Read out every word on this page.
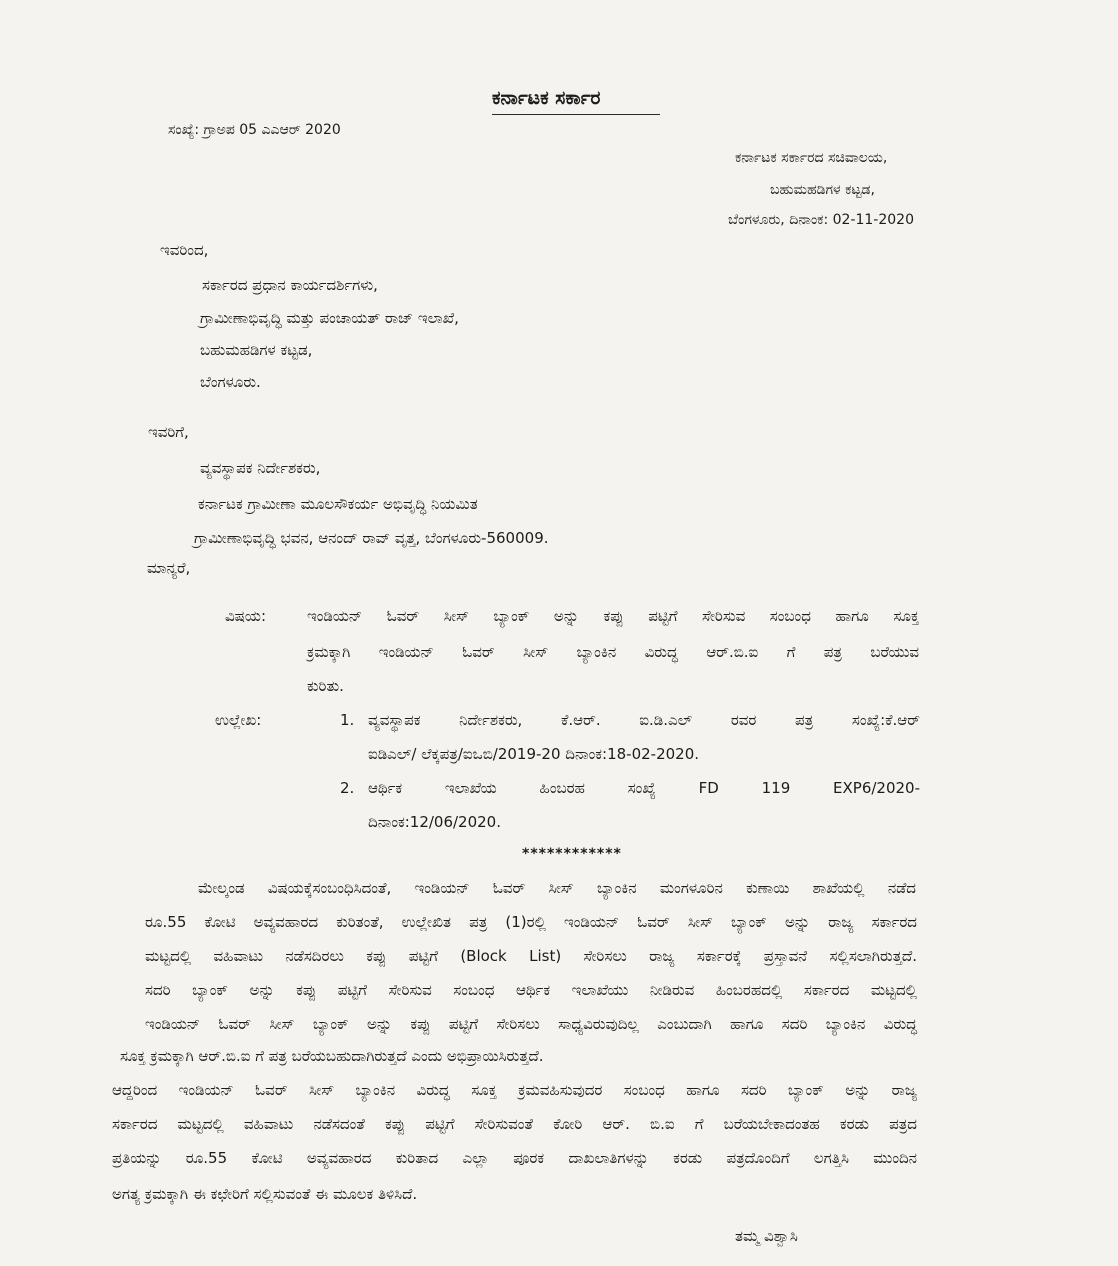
ಕರ್ನಾಟಕ ಸರ್ಕಾರ
ಸಂಖ್ಯೆ: ಗ್ರಾಅಪ 05 ಎಎಆರ್ 2020
ಕರ್ನಾಟಕ ಸರ್ಕಾರದ ಸಚಿವಾಲಯ,
ಬಹುಮಹಡಿಗಳ ಕಟ್ಟಡ,
ಬೆಂಗಳೂರು, ದಿನಾಂಕ: 02-11-2020
ಇವರಿಂದ,
ಸರ್ಕಾರದ ಪ್ರಧಾನ ಕಾರ್ಯದರ್ಶಿಗಳು,
ಗ್ರಾಮೀಣಾಭಿವೃದ್ಧಿ ಮತ್ತು ಪಂಚಾಯತ್ ರಾಜ್ ಇಲಾಖೆ,
ಬಹುಮಹಡಿಗಳ ಕಟ್ಟಡ,
ಬೆಂಗಳೂರು.
ಇವರಿಗೆ,
ವ್ಯವಸ್ಥಾಪಕ ನಿರ್ದೇಶಕರು,
ಕರ್ನಾಟಕ ಗ್ರಾಮೀಣಾ ಮೂಲಸೌಕರ್ಯ ಅಭಿವೃದ್ಧಿ ನಿಯಮಿತ
ಗ್ರಾಮೀಣಾಭಿವೃದ್ಧಿ ಭವನ, ಆನಂದ್ ರಾವ್ ವೃತ್ತ, ಬೆಂಗಳೂರು-560009.
ಮಾನ್ಯರೆ,
ವಿಷಯ:	ಇಂಡಿಯನ್ ಓವರ್ ಸೀಸ್ ಬ್ಯಾಂಕ್ ಅನ್ನು ಕಪ್ಪು ಪಟ್ಟಿಗೆ ಸೇರಿಸುವ ಸಂಬಂಧ ಹಾಗೂ ಸೂಕ್ತ
ಕ್ರಮಕ್ಕಾಗಿ ಇಂಡಿಯನ್ ಓವರ್ ಸೀಸ್ ಬ್ಯಾಂಕಿನ ವಿರುದ್ಧ ಆರ್.ಬಿ.ಐ ಗೆ ಪತ್ರ ಬರೆಯುವ
ಕುರಿತು.
ಉಲ್ಲೇಖ:	1. ವ್ಯವಸ್ಥಾಪಕ ನಿರ್ದೇಶಕರು, ಕೆ.ಆರ್. ಐ.ಡಿ.ಎಲ್ ರವರ ಪತ್ರ ಸಂಖ್ಯೆ:ಕೆ.ಆರ್
ಐಡಿಎಲ್/ ಲೆಕ್ಕಪತ್ರ/ಐಒಬಿ/2019-20 ದಿನಾಂಕ:18-02-2020.
2. ಆರ್ಥಿಕ ಇಲಾಖೆಯ ಹಿಂಬರಹ ಸಂಖ್ಯೆ FD 119 EXP6/2020-
ದಿನಾಂಕ:12/06/2020.
************
ಮೇಲ್ಕಂಡ ವಿಷಯಕ್ಕೆಸಂಬಂಧಿಸಿದಂತೆ, ಇಂಡಿಯನ್ ಓವರ್ ಸೀಸ್ ಬ್ಯಾಂಕಿನ ಮಂಗಳೂರಿನ ಕುಣಾಯಿ ಶಾಖೆಯಲ್ಲಿ ನಡೆದ
ರೂ.55 ಕೋಟಿ ಅವ್ಯವಹಾರದ ಕುರಿತಂತೆ, ಉಲ್ಲೇಖಿತ ಪತ್ರ (1)ರಲ್ಲಿ ಇಂಡಿಯನ್ ಓವರ್ ಸೀಸ್ ಬ್ಯಾಂಕ್ ಅನ್ನು ರಾಜ್ಯ ಸರ್ಕಾರದ
ಮಟ್ಟದಲ್ಲಿ ವಹಿವಾಟು ನಡೆಸದಿರಲು ಕಪ್ಪು ಪಟ್ಟಿಗೆ (Block List) ಸೇರಿಸಲು ರಾಜ್ಯ ಸರ್ಕಾರಕ್ಕೆ ಪ್ರಸ್ತಾವನೆ ಸಲ್ಲಿಸಲಾಗಿರುತ್ತದೆ.
ಸದರಿ ಬ್ಯಾಂಕ್ ಅನ್ನು ಕಪ್ಪು ಪಟ್ಟಿಗೆ ಸೇರಿಸುವ ಸಂಬಂಧ ಆರ್ಥಿಕ ಇಲಾಖೆಯು ನೀಡಿರುವ ಹಿಂಬರಹದಲ್ಲಿ ಸರ್ಕಾರದ ಮಟ್ಟದಲ್ಲಿ
ಇಂಡಿಯನ್ ಓವರ್ ಸೀಸ್ ಬ್ಯಾಂಕ್ ಅನ್ನು ಕಪ್ಪು ಪಟ್ಟಿಗೆ ಸೇರಿಸಲು ಸಾಧ್ಯವಿರುವುದಿಲ್ಲ ಎಂಬುದಾಗಿ ಹಾಗೂ ಸದರಿ ಬ್ಯಾಂಕಿನ ವಿರುದ್ಧ
ಸೂಕ್ತ ಕ್ರಮಕ್ಕಾಗಿ ಆರ್.ಬಿ.ಐ ಗೆ ಪತ್ರ ಬರೆಯಬಹುದಾಗಿರುತ್ತದೆ ಎಂದು ಅಭಿಪ್ರಾಯಿಸಿರುತ್ತದೆ.
ಆದ್ದರಿಂದ ಇಂಡಿಯನ್ ಓವರ್ ಸೀಸ್ ಬ್ಯಾಂಕಿನ ವಿರುದ್ಧ ಸೂಕ್ತ ಕ್ರಮವಹಿಸುವುದರ ಸಂಬಂಧ ಹಾಗೂ ಸದರಿ ಬ್ಯಾಂಕ್ ಅನ್ನು ರಾಜ್ಯ
ಸರ್ಕಾರದ ಮಟ್ಟದಲ್ಲಿ ವಹಿವಾಟು ನಡೆಸದಂತೆ ಕಪ್ಪು ಪಟ್ಟಿಗೆ ಸೇರಿಸುವಂತೆ ಕೋರಿ ಆರ್. ಬಿ.ಐ ಗೆ ಬರೆಯಬೇಕಾದಂತಹ ಕರಡು ಪತ್ರದ
ಪ್ರತಿಯನ್ನು ರೂ.55 ಕೋಟಿ ಅವ್ಯವಹಾರದ ಕುರಿತಾದ ಎಲ್ಲಾ ಪೂರಕ ದಾಖಲಾತಿಗಳನ್ನು ಕರಡು ಪತ್ರದೊಂದಿಗೆ ಲಗತ್ತಿಸಿ ಮುಂದಿನ
ಅಗತ್ಯ ಕ್ರಮಕ್ಕಾಗಿ ಈ ಕಛೇರಿಗೆ ಸಲ್ಲಿಸುವಂತೆ ಈ ಮೂಲಕ ತಿಳಿಸಿದೆ.
ತಮ್ಮ ವಿಶ್ವಾಸಿ
